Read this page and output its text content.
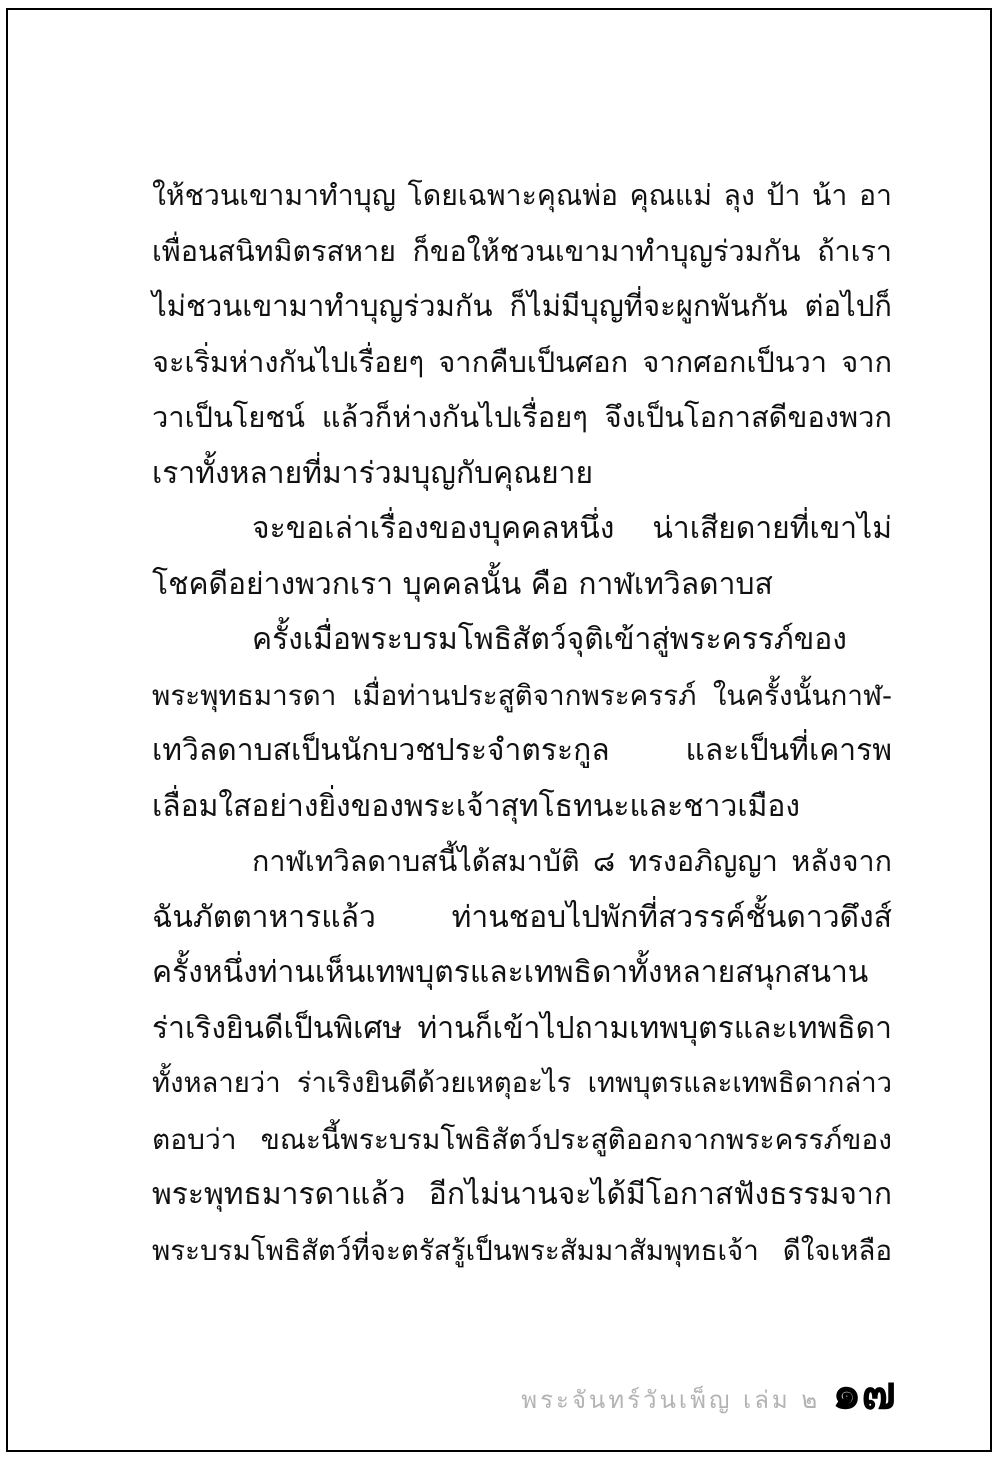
ให้ชวนเขามาทำบุญ โดยเฉพาะคุณพ่อ คุณแม่ ลุง ป้า น้า อา
เพื่อนสนิทมิตรสหาย ก็ขอให้ชวนเขามาทำบุญร่วมกัน ถ้าเรา
ไม่ชวนเขามาทำบุญร่วมกัน ก็ไม่มีบุญที่จะผูกพันกัน ต่อไปก็
จะเริ่มห่างกันไปเรื่อยๆ จากคืบเป็นศอก จากศอกเป็นวา จาก
วาเป็นโยชน์ แล้วก็ห่างกันไปเรื่อยๆ จึงเป็นโอกาสดีของพวก
เราทั้งหลายที่มาร่วมบุญกับคุณยาย
จะขอเล่าเรื่องของบุคคลหนึ่ง น่าเสียดายที่เขาไม่
โชคดีอย่างพวกเรา บุคคลนั้น คือ กาฬเทวิลดาบส
ครั้งเมื่อพระบรมโพธิสัตว์จุติเข้าสู่พระครรภ์ของ
พระพุทธมารดา เมื่อท่านประสูติจากพระครรภ์ ในครั้งนั้นกาฬ-
เทวิลดาบสเป็นนักบวชประจำตระกูล และเป็นที่เคารพ
เลื่อมใสอย่างยิ่งของพระเจ้าสุทโธทนะและชาวเมือง
กาฬเทวิลดาบสนี้ได้สมาบัติ ๘ ทรงอภิญญา หลังจาก
ฉันภัตตาหารแล้ว ท่านชอบไปพักที่สวรรค์ชั้นดาวดึงส์
ครั้งหนึ่งท่านเห็นเทพบุตรและเทพธิดาทั้งหลายสนุกสนาน
ร่าเริงยินดีเป็นพิเศษ ท่านก็เข้าไปถามเทพบุตรและเทพธิดา
ทั้งหลายว่า ร่าเริงยินดีด้วยเหตุอะไร เทพบุตรและเทพธิดากล่าว
ตอบว่า ขณะนี้พระบรมโพธิสัตว์ประสูติออกจากพระครรภ์ของ
พระพุทธมารดาแล้ว อีกไม่นานจะได้มีโอกาสฟังธรรมจาก
พระบรมโพธิสัตว์ที่จะตรัสรู้เป็นพระสัมมาสัมพุทธเจ้า ดีใจเหลือ
พระจันทร์วันเพ็ญ เล่ม ๒ ๑๗
